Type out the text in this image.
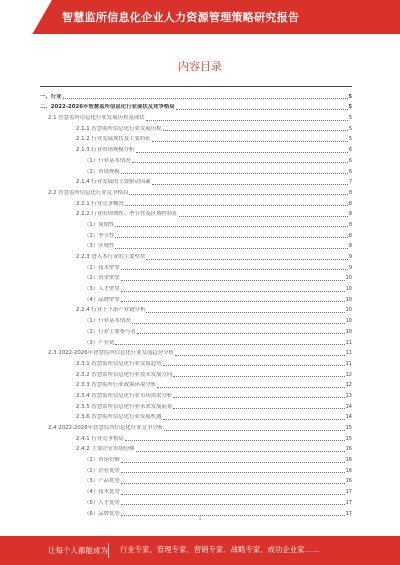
智慧监所信息化企业人力资源管理策略研究报告
内容目录
一、行业	5
二、2022-2026年智慧监所信息化行业现状及竞争格局	5
2.1 智慧监所信息化行业发展历程及现状	5
2.1.1 智慧监所信息化行业发展历程	5
2.1.2 行业发展现状及主要特征	5
2.1.3 行业市场规模分析	6
（1）行业基本情况	6
（2）市场规模	6
2.1.4 行业发展的主要驱动因素	7
2.2 智慧监所信息化行业竞争格局	8
2.2.1 行业竞争概况	8
2.2.2 行业的周期性、季节性及区域性特征	8
（1）周期性	8
（2）季节性	8
（3）区域性	8
2.2.3 进入本行业的主要壁垒	9
（1）技术壁垒	9
（2）资金壁垒	10
（3）人才壁垒	10
（4）品牌壁垒	10
2.2.4 行业上下游产业链分析	10
（1）行业基本情况	10
（2）行业主要参与者	10
（3）产业链	11
2.3 2022-2026年智慧监所信息化行业发展趋势分析	11
2.3.1 智慧监所信息化行业发展趋势	11
2.3.2 智慧监所信息化行业技术发展方向	12
2.3.3 智慧监所行业政策环境分析	12
2.3.4 智慧监所信息化行业市场需求分析	13
2.3.5 智慧监所信息化行业未来发展前景	14
2.3.6 智慧监所信息化行业发展机遇	14
2.4 2022-2026年智慧监所信息化行业竞争分析	15
2.4.1 行业竞争格局	15
2.4.2 主要企业市场份额	16
（1）市场份额	16
（2）企业优势	16
（3）产品优势	16
（4）技术优势	17
（5）人才优势	17
（6）品牌优势	17
1
让每个人都能成为 行业专家、管理专家、营销专家、战略专家、成功企业家……
